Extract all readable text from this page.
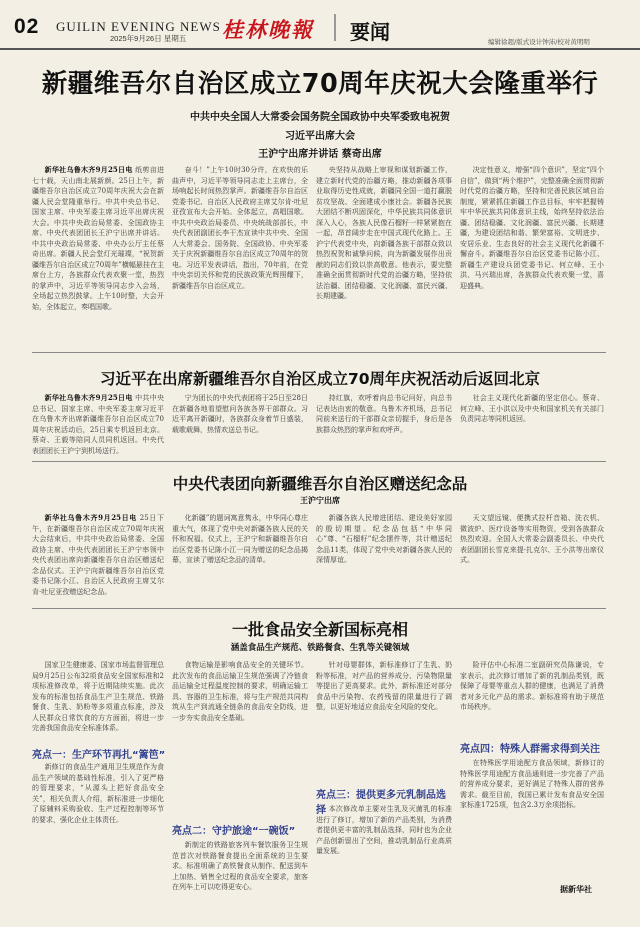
02 GUILIN EVENING NEWS
2025年9月26日 星期五 桂林晚報 要闻	编辑徐超/版式设计钟沛/校对黄明明
新疆维吾尔自治区成立70周年庆祝大会隆重举行
中共中央全国人大常委会国务院全国政协中央军委致电祝贺
习近平出席大会
王沪宁出席并讲话 蔡奇出席

新华社乌鲁木齐9月25日电 纸剪亩进七十载，天山南北展新颜。25日上午，新疆维吾尔自治区成立70周年庆祝大会在新疆人民会堂隆重举行。中共中央总书记、国家主席、中央军委主席习近平出席庆祝大会。中共中央政治局常委、全国政协主席、中央代表团团长王沪宁出席并讲话。中共中央政治局常委、中央办公厅主任蔡奇出席。新疆人民会堂灯光璀璨，“祝贺新疆维吾尔自治区成立70周年”横幅悬挂在主席台上方，各族群众代表欢聚一堂，热烈的掌声中，习近平等领导同志步入会场，全场起立热烈鼓掌。上午10时整，大会开始，全体起立，奏唱国歌。

奋斗！”上午10时30分许，在欢快的乐曲声中，习近平等领导同志走上主席台，全场响起长时间热烈掌声。新疆维吾尔自治区党委书记、自治区人民政府主席艾尔肯·吐尼亚孜宣布大会开始。全体起立，高唱国歌。中共中央政治局委员、中央统战部部长，中央代表团副团长李干杰宣读中共中央、全国人大常委会、国务院、全国政协、中央军委关于庆祝新疆维吾尔自治区成立70周年的贺电。习近平发表讲话，指出，70年前，在党中央亲切关怀和党的民族政策光辉照耀下，新疆维吾尔自治区成立。

央坚持从战略上审视和谋划新疆工作，建立新时代党的治疆方略，推动新疆各项事业取得历史性成就，新疆同全国一道打赢脱贫攻坚战、全面建成小康社会。新疆各民族大团结不断巩固深化，中华民族共同体意识深入人心，各族人民像石榴籽一样紧紧抱在一起，昂首阔步走在中国式现代化路上。王沪宁代表党中央，向新疆各族干部群众致以热烈祝贺和诚挚问候，向为新疆发展作出贡献的同志们致以崇高敬意。他表示，要完整准确全面贯彻新时代党的治疆方略，坚持依法治疆、团结稳疆、文化润疆、富民兴疆、长期建疆。

决定性意义，增强“四个意识”，坚定“四个自信”，做到“两个维护”，完整准确全面贯彻新时代党的治疆方略，坚持和完善民族区域自治制度，紧紧抓住新疆工作总目标，牢牢把握铸牢中华民族共同体意识主线，始终坚持依法治疆、团结稳疆、文化润疆、富民兴疆、长期建疆，为建设团结和谐、繁荣富裕、文明进步、安居乐业、生态良好的社会主义现代化新疆不懈奋斗。新疆维吾尔自治区党委书记陈小江、新疆生产建设兵团党委书记、何立峰、王小洪、马兴瑞出席，各族群众代表欢聚一堂，喜迎盛典。

习近平在出席新疆维吾尔自治区成立70周年庆祝活动后返回北京

新华社乌鲁木齐9月25日电 中共中央总书记、国家主席、中央军委主席习近平在乌鲁木齐出席新疆维吾尔自治区成立70周年庆祝活动后，25日乘专机返回北京。蔡奇、王毅等陪同人员同机返回。中央代表团团长王沪宁到机场送行。

宁为团长的中央代表团将于25日至28日在新疆各地看望慰问各族各界干部群众。习近平离开新疆时，各族群众身着节日盛装，载歌载舞，热情欢送总书记。

持红旗，欢呼着向总书记问好，向总书记表达由衷的敬意。乌鲁木齐机场，总书记同前来送行的干部群众亲切握手，身后是各族群众热烈的掌声和欢呼声。

社会主义现代化新疆的坚定信心。蔡奇、何立峰、王小洪以及中央和国家机关有关部门负责同志等同机返回。

中央代表团向新疆维吾尔自治区赠送纪念品
王沪宁出席

新华社乌鲁木齐9月25日电 25日下午，在新疆维吾尔自治区成立70周年庆祝大会结束后，中共中央政治局常委、全国政协主席、中央代表团团长王沪宁率领中央代表团出席向新疆维吾尔自治区赠送纪念品仪式。王沪宁向新疆维吾尔自治区党委书记陈小江、自治区人民政府主席艾尔肯·吐尼亚孜赠送纪念品。

化新疆”的题词寓意隽永，中华同心尊庄重大气，体现了党中央对新疆各族人民的关怀和祝福。仪式上，王沪宁和新疆维吾尔自治区党委书记陈小江一同为赠送的纪念品揭幕，宣读了赠送纪念品的清单。

新疆各族人民增进团结、建设美好家园的殷切期望。纪念品包括“中华同心”尊、“石榴籽”纪念摆件等，共计赠送纪念品11类，体现了党中央对新疆各族人民的深情厚谊。

天文望远镜、便携式拉杆音箱、洗衣机、微波炉、医疗设备等实用物资，受到各族群众热烈欢迎。全国人大常委会副委员长、中央代表团副团长雪克来提·扎克尔、王小洪等出席仪式。

一批食品安全新国标亮相
涵盖食品生产规范、铁路餐食、生乳等关键领域

国家卫生健康委、国家市场监督管理总局9月25日公布32项食品安全国家标准和2项标准修改单，将于近期陆续实施。此次发布的标准包括食品生产卫生规范、铁路餐食、生乳、奶粉等多项重点标准，涉及人民群众日常饮食的方方面面，将进一步完善我国食品安全标准体系。

亮点一：生产环节再扎“篱笆”

新修订的食品生产通用卫生规范作为食品生产领域的基础性标准，引入了更严格的管理要求，“从源头上把好食品安全关”，相关负责人介绍，新标准进一步细化了原辅料采购验收、生产过程控制等环节的要求，强化企业主体责任。

食物运输是影响食品安全的关键环节。此次发布的食品运输卫生规范强调了冷链食品运输全过程温度控制的要求，明确运输工具、容器的卫生标准，将与生产规范共同构筑从生产到流通全链条的食品安全防线，进一步夯实食品安全基础。

亮点二：守护旅途“一碗饭”

新制定的铁路旅客列车餐饮服务卫生规范首次对铁路餐食提出全面系统的卫生要求。标准明确了高铁餐食从制作、配送到车上加热、销售全过程的食品安全要求，旅客在列车上可以吃得更安心。

针对母婴群体，新标准修订了生乳、奶粉等标准，对产品的营养成分、污染物限量等提出了更高要求。此外，新标准还对部分食品中污染物、农药残留的限量进行了调整，以更好地适应食品安全风险的变化。

亮点三：提供更多元乳制品选择 本次修改单主要对生乳及灭菌乳的标准进行了修订，增加了新的产品类别，为消费者提供更丰富的乳制品选择，同时也为企业产品创新留出了空间，推动乳制品行业高质量发展。

险评估中心标准二室副研究员陈谦说，专家表示，此次修订增加了新的乳制品类别，既保障了母婴等重点人群的健康，也满足了消费者对多元化产品的需求。新标准将有助于规范市场秩序。

亮点四：特殊人群需求得到关注

在特殊医学用途配方食品领域，新修订的特殊医学用途配方食品通则进一步完善了产品的营养成分要求，更好满足了特殊人群的营养需求。截至目前，我国已累计发布食品安全国家标准1725项，包含2.3万余项指标。

据新华社
